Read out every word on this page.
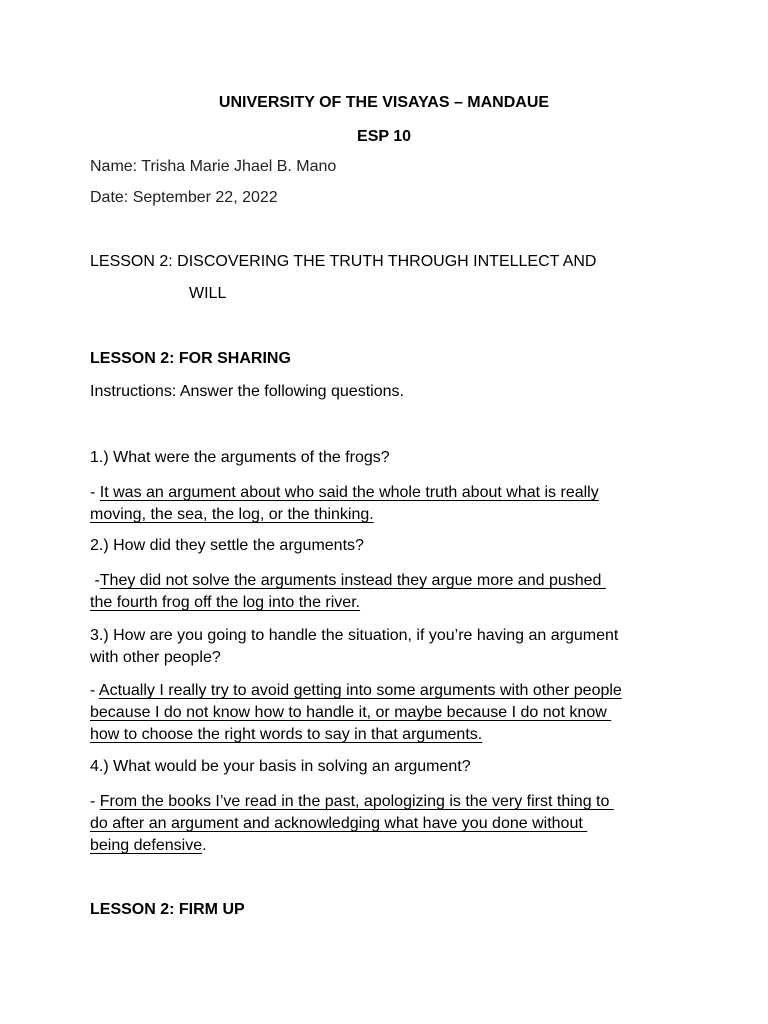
UNIVERSITY OF THE VISAYAS – MANDAUE
ESP 10
Name: Trisha Marie Jhael B. Mano
Date: September 22, 2022
LESSON 2: DISCOVERING THE TRUTH THROUGH INTELLECT AND
WILL
LESSON 2: FOR SHARING
Instructions: Answer the following questions.
1.) What were the arguments of the frogs?
- It was an argument about who said the whole truth about what is really
moving, the sea, the log, or the thinking.
2.) How did they settle the arguments?
-They did not solve the arguments instead they argue more and pushed
the fourth frog off the log into the river.
3.) How are you going to handle the situation, if you’re having an argument
with other people?
- Actually I really try to avoid getting into some arguments with other people
because I do not know how to handle it, or maybe because I do not know
how to choose the right words to say in that arguments.
4.) What would be your basis in solving an argument?
- From the books I’ve read in the past, apologizing is the very first thing to
do after an argument and acknowledging what have you done without
being defensive.
LESSON 2: FIRM UP
